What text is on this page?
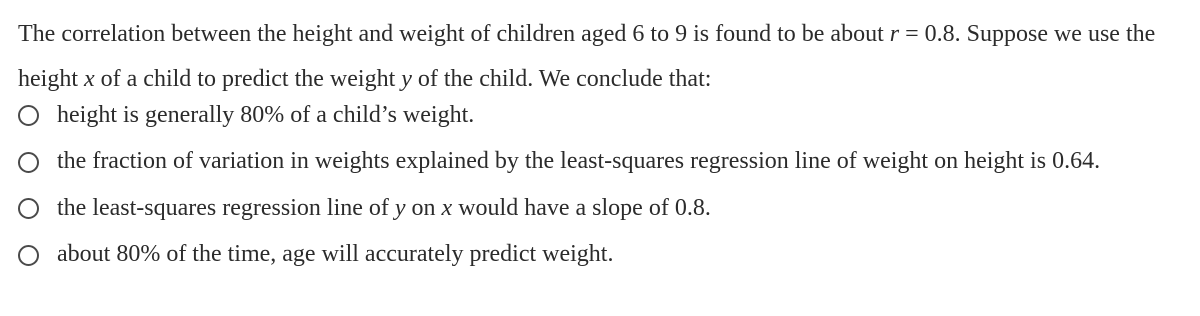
The correlation between the height and weight of children aged 6 to 9 is found to be about r = 0.8. Suppose we use the height x of a child to predict the weight y of the child. We conclude that:

height is generally 80% of a child’s weight.
the fraction of variation in weights explained by the least-squares regression line of weight on height is 0.64.
the least-squares regression line of y on x would have a slope of 0.8.
about 80% of the time, age will accurately predict weight.
